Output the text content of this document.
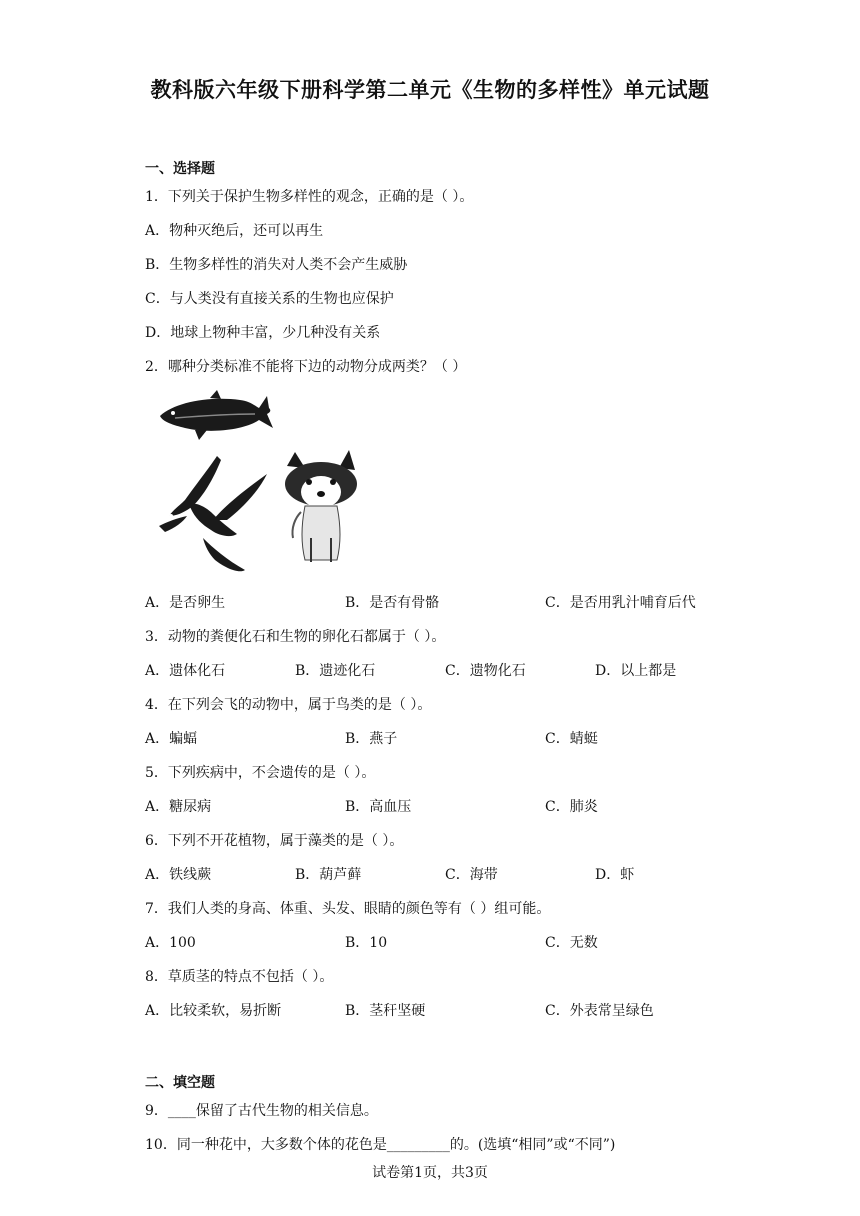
教科版六年级下册科学第二单元《生物的多样性》单元试题
一、选择题
1．下列关于保护生物多样性的观念，正确的是（ ）。
A．物种灭绝后，还可以再生
B．生物多样性的消失对人类不会产生威胁
C．与人类没有直接关系的生物也应保护
D．地球上物种丰富，少几种没有关系
2．哪种分类标准不能将下边的动物分成两类？（ ）
A．是否卵生	B．是否有骨骼	C．是否用乳汁哺育后代
3．动物的粪便化石和生物的卵化石都属于（ ）。
A．遗体化石	B．遗迹化石	C．遗物化石	D．以上都是
4．在下列会飞的动物中，属于鸟类的是（ ）。
A．蝙蝠	B．燕子	C．蜻蜓
5．下列疾病中，不会遗传的是（ ）。
A．糖尿病	B．高血压	C．肺炎
6．下列不开花植物，属于藻类的是（ ）。
A．铁线蕨	B．葫芦藓	C．海带	D．虾
7．我们人类的身高、体重、头发、眼睛的颜色等有（ ）组可能。
A．100	B．10	C．无数
8．草质茎的特点不包括（ ）。
A．比较柔软，易折断	B．茎秆坚硬	C．外表常呈绿色
二、填空题
9．____保留了古代生物的相关信息。
10．同一种花中，大多数个体的花色是_________的。(选填“相同”或“不同”)
试卷第1页，共3页
